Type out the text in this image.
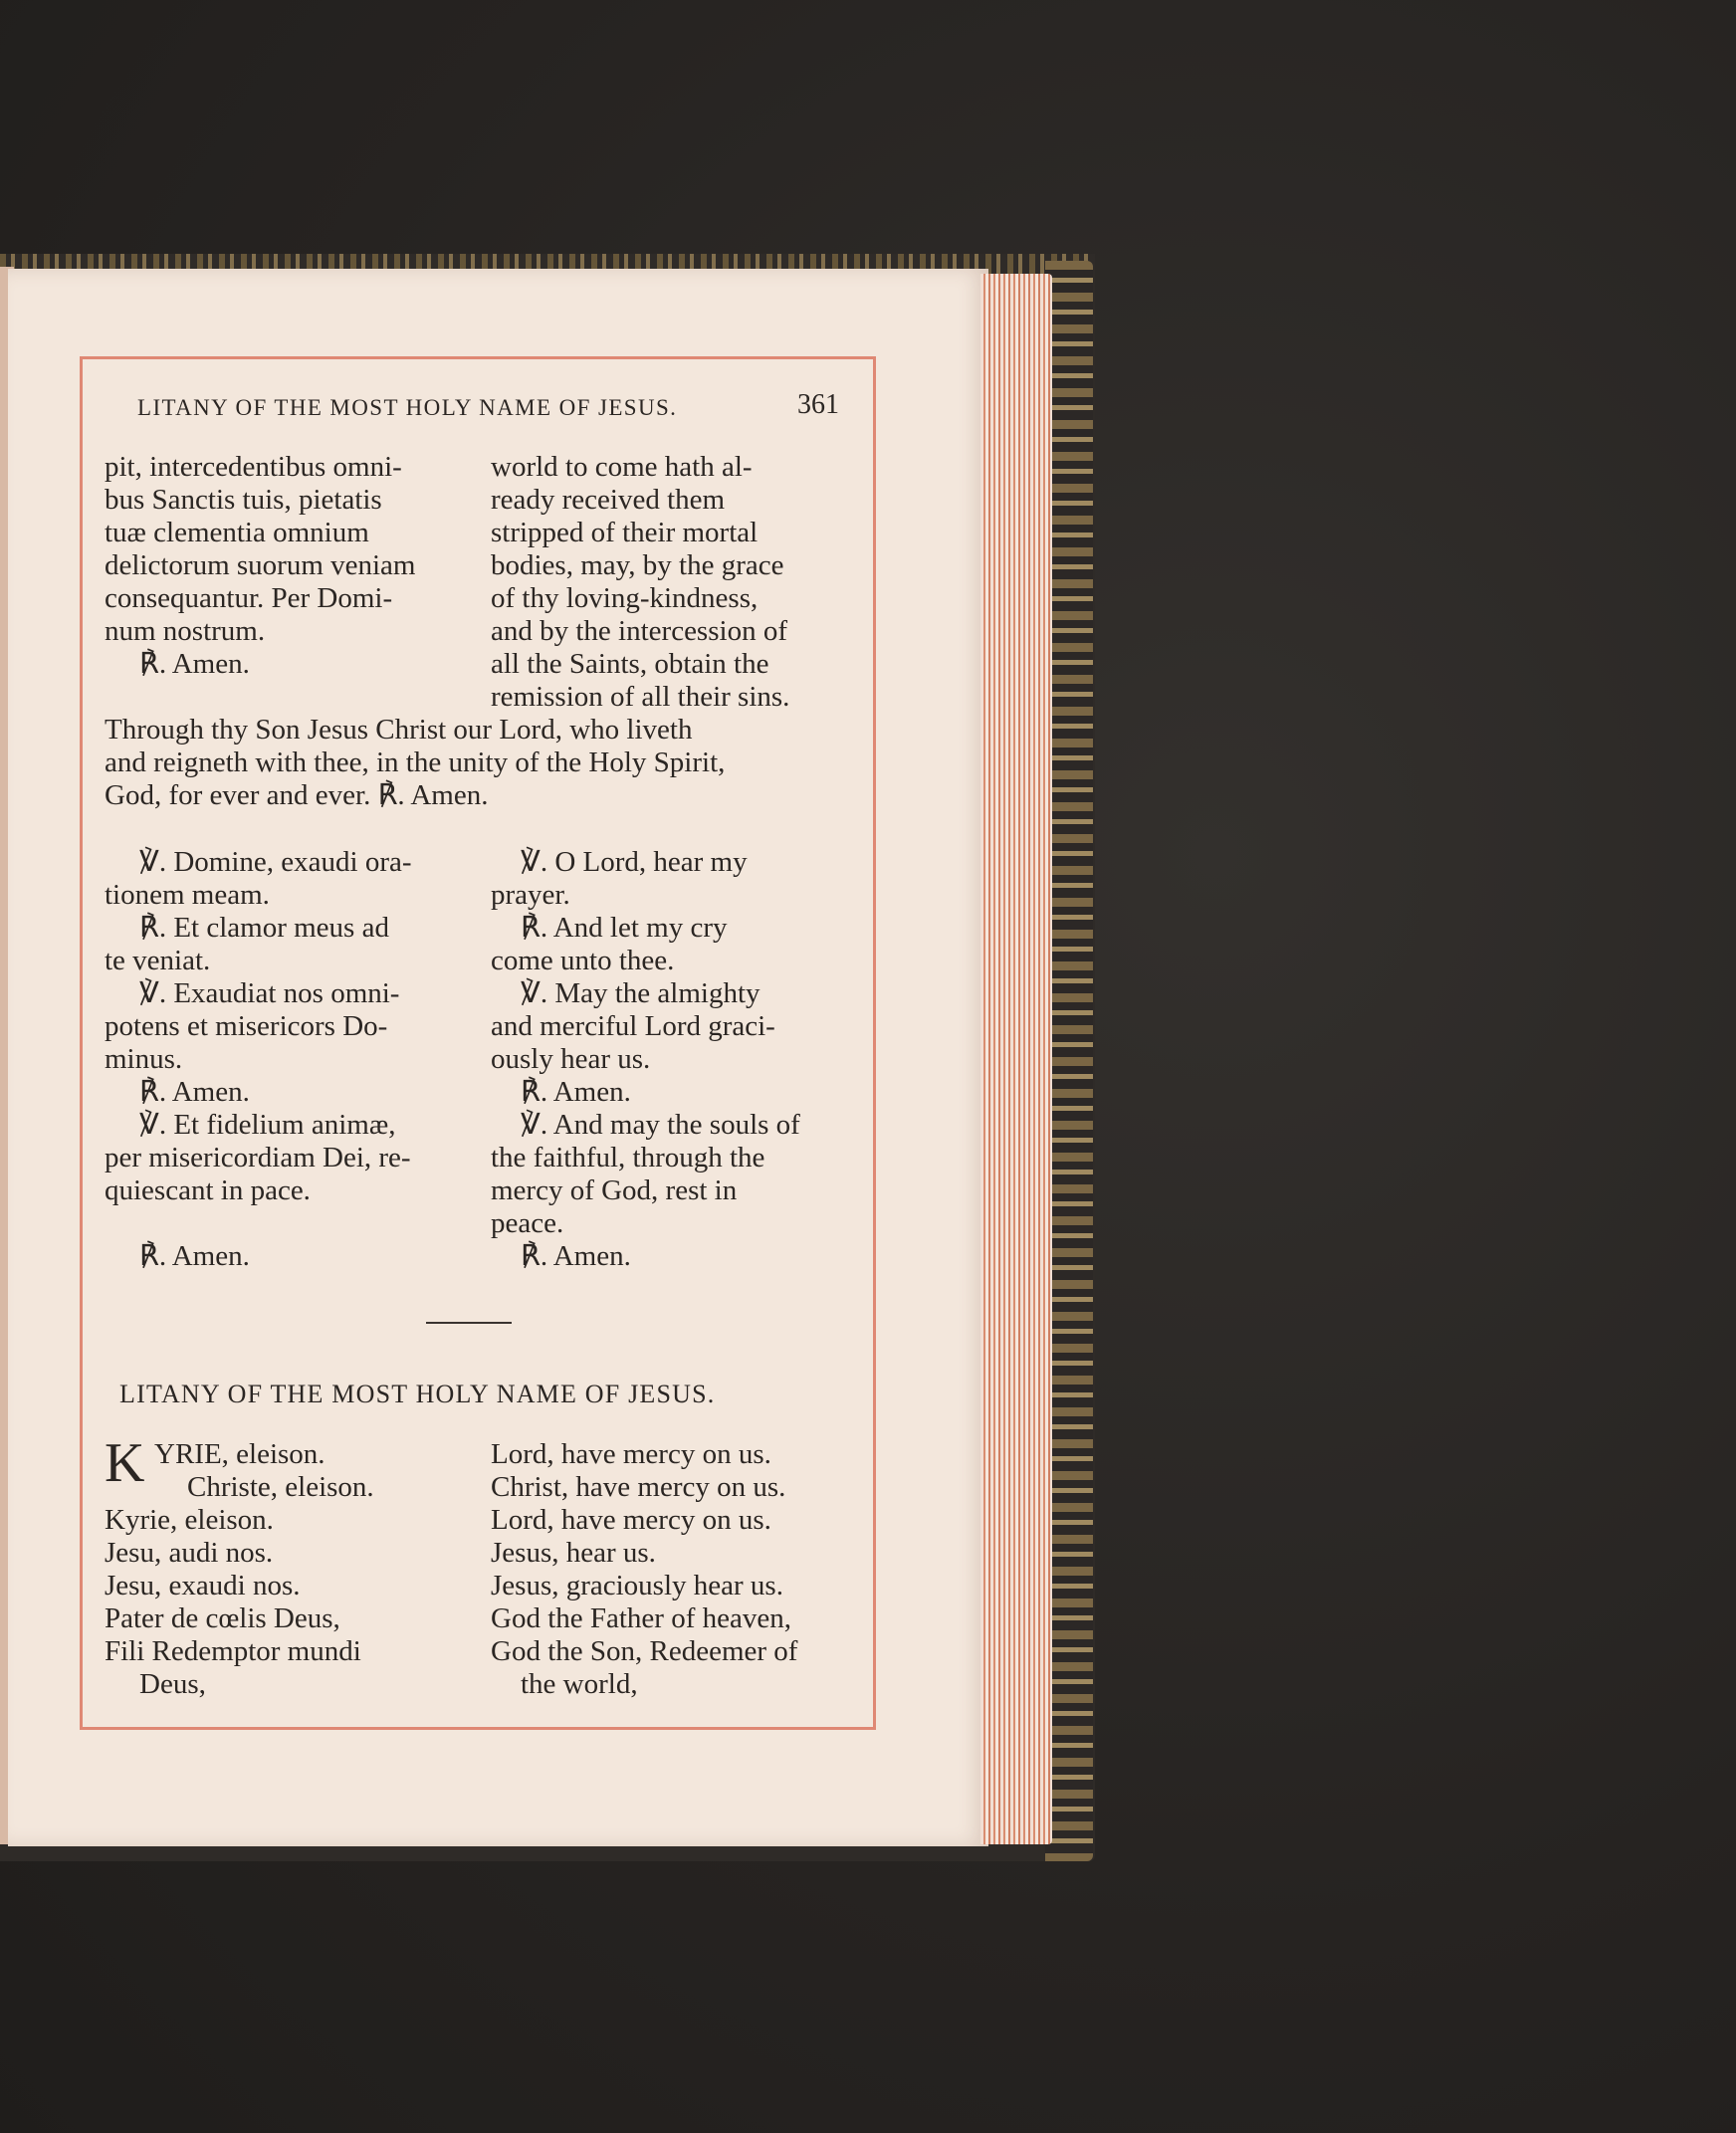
LITANY OF THE MOST HOLY NAME OF JESUS.	361
pit, intercedentibus omni-
bus Sanctis tuis, pietatis
tuæ clementia omnium
delictorum suorum veniam
consequantur. Per Domi-
num nostrum.
℟. Amen.
world to come hath al-
ready received them
stripped of their mortal
bodies, may, by the grace
of thy loving-kindness,
and by the intercession of
all the Saints, obtain the
remission of all their sins.
Through thy Son Jesus Christ our Lord, who liveth
and reigneth with thee, in the unity of the Holy Spirit,
God, for ever and ever. ℟. Amen.
℣. Domine, exaudi ora-
tionem meam.
℟. Et clamor meus ad
te veniat.
℣. Exaudiat nos omni-
potens et misericors Do-
minus.
℟. Amen.
℣. Et fidelium animæ,
per misericordiam Dei, re-
quiescant in pace.
℟. Amen.
℣. O Lord, hear my
prayer.
℟. And let my cry
come unto thee.
℣. May the almighty
and merciful Lord graci-
ously hear us.
℟. Amen.
℣. And may the souls of
the faithful, through the
mercy of God, rest in
peace.
℟. Amen.
LITANY OF THE MOST HOLY NAME OF JESUS.
K YRIE, eleison.
Christe, eleison.
Kyrie, eleison.
Jesu, audi nos.
Jesu, exaudi nos.
Pater de cœlis Deus,
Fili Redemptor mundi
Deus,
Lord, have mercy on us.
Christ, have mercy on us.
Lord, have mercy on us.
Jesus, hear us.
Jesus, graciously hear us.
God the Father of heaven,
God the Son, Redeemer of
the world,
